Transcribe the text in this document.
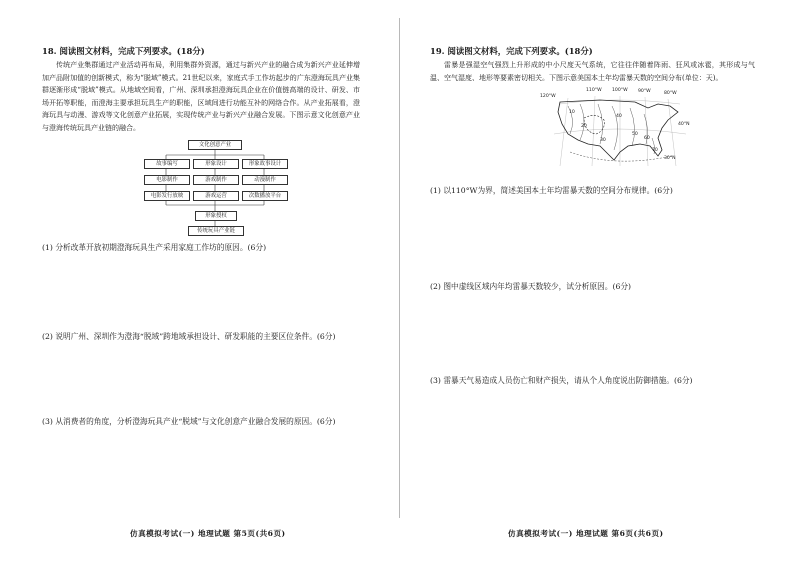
18. 阅读图文材料，完成下列要求。(18分)

传统产业集群通过产业活动再布局，利用集群外资源，通过与新兴产业的融合成为新兴产业延伸增加产品附加值的创新模式，称为“脱域”模式。21世纪以来，家庭式手工作坊起步的广东澄海玩具产业集群逐渐形成“脱域”模式。从地域空间看，广州、深圳承担澄海玩具企业在价值链高端的设计、研发、市场开拓等职能，而澄海主要承担玩具生产的职能，区域间进行功能互补的网络合作。从产业拓展看，澄海玩具与动漫、游戏等文化创意产业拓展，实现传统产业与新兴产业融合发展。下图示意文化创意产业与澄海传统玩具产业链的融合。

文化创意产业
故事编写	形象设计	形象故事设计
电影制作	游戏制作	动漫制作
电影发行放映	游戏运营	次数播放平台
形象授权
传统玩具产业链
(1) 分析改革开放初期澄海玩具生产采用家庭工作坊的原因。(6分)
(2) 说明广州、深圳作为澄海“脱域”跨地域承担设计、研发职能的主要区位条件。(6分)
(3) 从消费者的角度，分析澄海玩具产业“脱域”与文化创意产业融合发展的原因。(6分)
仿真模拟考试(一) 地理试题 第5页(共6页)
19. 阅读图文材料，完成下列要求。(18分)

雷暴是强湿空气强烈上升形成的中小尺度天气系统，它往往伴随着阵雨、狂风或冰雹，其形成与气温、空气湿度、地形等要素密切相关。下图示意美国本土年均雷暴天数的空间分布(单位：天)。

120°W
110°W 100°W 90°W	80°W
40°N
30°N
10
20
30
40
50
60
70
(1) 以110°W为界，简述美国本土年均雷暴天数的空间分布规律。(6分)
(2) 图中虚线区域内年均雷暴天数较少，试分析原因。(6分)
(3) 雷暴天气易造成人员伤亡和财产损失，请从个人角度说出防御措施。(6分)
仿真模拟考试(一) 地理试题 第6页(共6页)
